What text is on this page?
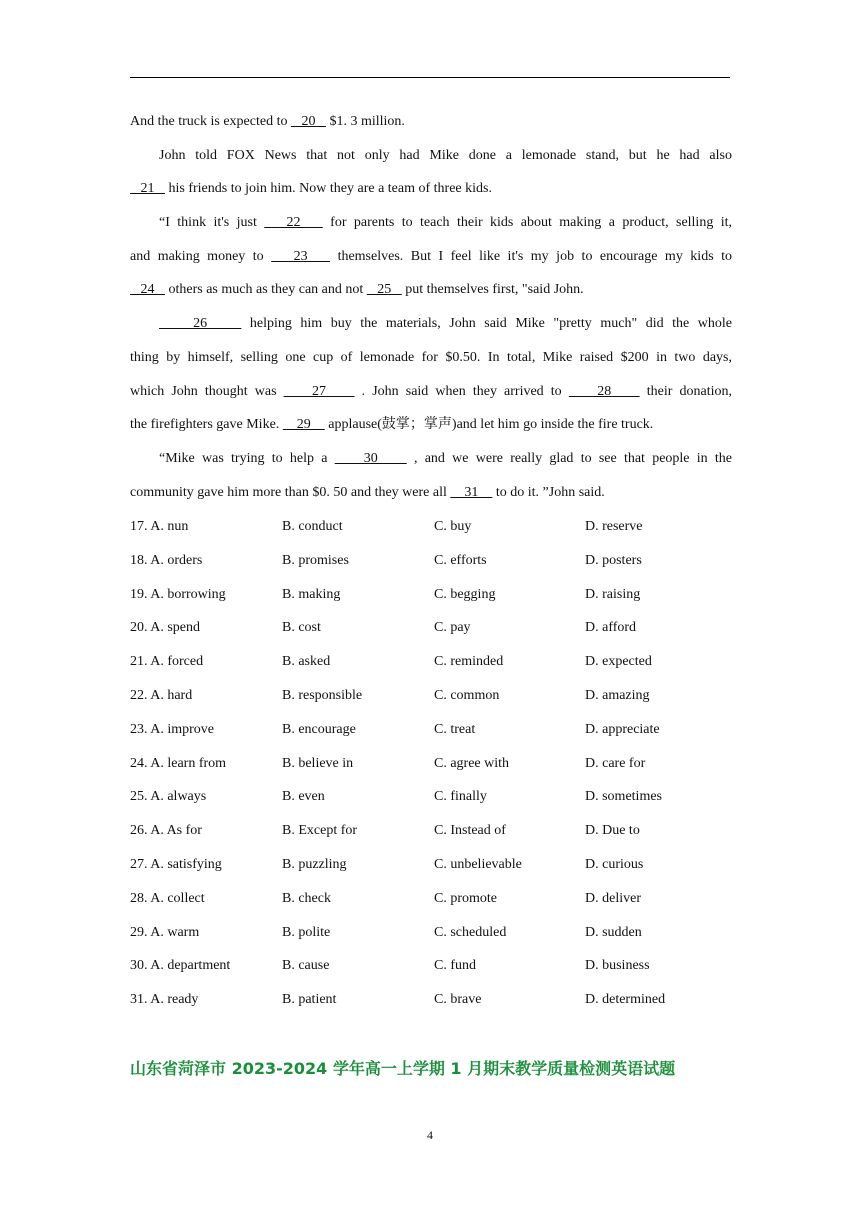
And the truck is expected to    20    $1. 3 million.
John told FOX News that not only had Mike done a lemonade stand, but he had also
21    his friends to join him. Now they are a team of three kids.
“I think it's just    22    for parents to teach their kids about making a product, selling it,
and making money to    23    themselves. But I feel like it's my job to encourage my kids to
24    others as much as they can and not    25    put themselves first, "said John.
26     helping him buy the materials, John said Mike "pretty much" did the whole
thing by himself, selling one cup of lemonade for $0.50. In total, Mike raised $200 in two days,
which John thought was     27     . John said when they arrived to     28     their donation,
the firefighters gave Mike.     29     applause(鼓掌；掌声)and let him go inside the fire truck.
“Mike was trying to help a     30     , and we were really glad to see that people in the
community gave him more than $0. 50 and they were all     31     to do it. ”John said.
17. A. nun	B. conduct	C. buy	D. reserve
18. A. orders	B. promises	C. efforts	D. posters
19. A. borrowing	B. making	C. begging	D. raising
20. A. spend	B. cost	C. pay	D. afford
21. A. forced	B. asked	C. reminded	D. expected
22. A. hard	B. responsible	C. common	D. amazing
23. A. improve	B. encourage	C. treat	D. appreciate
24. A. learn from	B. believe in	C. agree with	D. care for
25. A. always	B. even	C. finally	D. sometimes
26. A. As for	B. Except for	C. Instead of	D. Due to
27. A. satisfying	B. puzzling	C. unbelievable	D. curious
28. A. collect	B. check	C. promote	D. deliver
29. A. warm	B. polite	C. scheduled	D. sudden
30. A. department	B. cause	C. fund	D. business
31. A. ready	B. patient	C. brave	D. determined
山东省菏泽市 2023-2024 学年高一上学期 1 月期末教学质量检测英语试题
4
